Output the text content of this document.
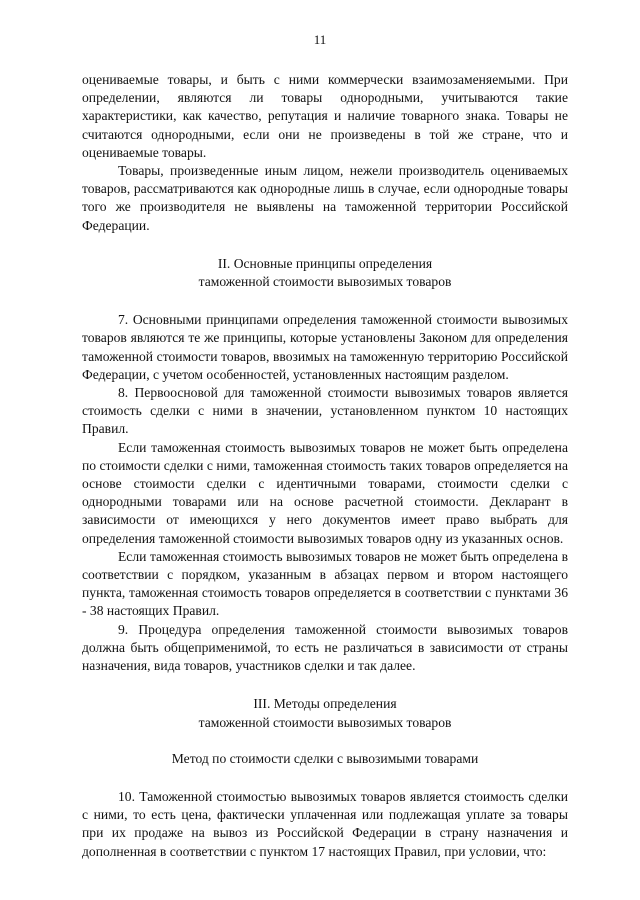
11

оцениваемые товары, и быть с ними коммерчески взаимозаменяемыми. При определении, являются ли товары однородными, учитываются такие характеристики, как качество, репутация и наличие товарного знака. Товары не считаются однородными, если они не произведены в той же стране, что и оцениваемые товары.

Товары, произведенные иным лицом, нежели производитель оцениваемых товаров, рассматриваются как однородные лишь в случае, если однородные товары того же производителя не выявлены на таможенной территории Российской Федерации.

II. Основные принципы определения
таможенной стоимости вывозимых товаров

7. Основными принципами определения таможенной стоимости вывозимых товаров являются те же принципы, которые установлены Законом для определения таможенной стоимости товаров, ввозимых на таможенную территорию Российской Федерации, с учетом особенностей, установленных настоящим разделом.

8. Первоосновой для таможенной стоимости вывозимых товаров является стоимость сделки с ними в значении, установленном пунктом 10 настоящих Правил.

Если таможенная стоимость вывозимых товаров не может быть определена по стоимости сделки с ними, таможенная стоимость таких товаров определяется на основе стоимости сделки с идентичными товарами, стоимости сделки с однородными товарами или на основе расчетной стоимости. Декларант в зависимости от имеющихся у него документов имеет право выбрать для определения таможенной стоимости вывозимых товаров одну из указанных основ.

Если таможенная стоимость вывозимых товаров не может быть определена в соответствии с порядком, указанным в абзацах первом и втором настоящего пункта, таможенная стоимость товаров определяется в соответствии с пунктами 36 - 38 настоящих Правил.

9. Процедура определения таможенной стоимости вывозимых товаров должна быть общеприменимой, то есть не различаться в зависимости от страны назначения, вида товаров, участников сделки и так далее.

III. Методы определения
таможенной стоимости вывозимых товаров
Метод по стоимости сделки с вывозимыми товарами

10. Таможенной стоимостью вывозимых товаров является стоимость сделки с ними, то есть цена, фактически уплаченная или подлежащая уплате за товары при их продаже на вывоз из Российской Федерации в страну назначения и дополненная в соответствии с пунктом 17 настоящих Правил, при условии, что:
